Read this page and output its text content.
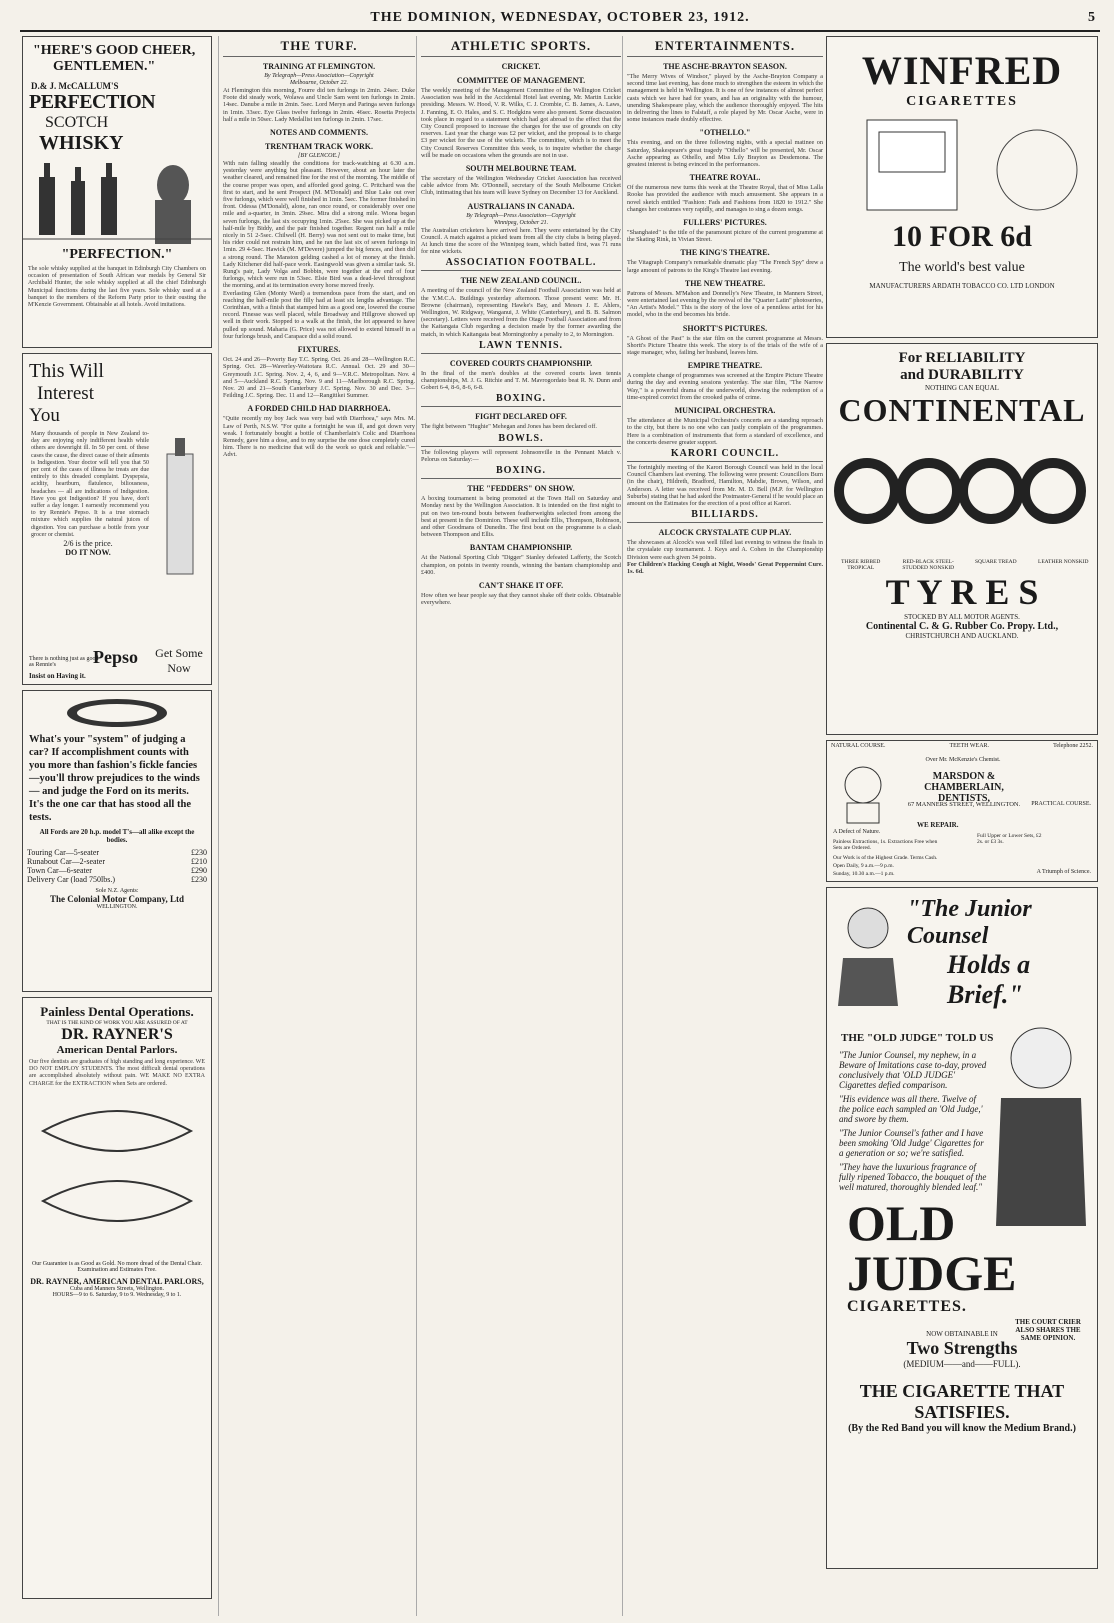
THE DOMINION, WEDNESDAY, OCTOBER 23, 1912.	5
"HERE'S GOOD CHEER,
GENTLEMEN."
D.& J. McCALLUM'S
PERFECTION
SCOTCH
WHISKY
"PERFECTION."

The sole whisky supplied at the banquet in Edinburgh City Chambers on occasion of presentation of South African war medals by General Sir Archibald Hunter, the sole whisky supplied at all the chief Edinburgh Municipal functions during the last five years. Sole whisky used at a banquet to the members of the Reform Party prior to their ousting the M'Kenzie Government. Obtainable at all hotels. Avoid imitations.

This Will
Interest
You

Many thousands of people in New Zealand to-day are enjoying only indifferent health while others are downright ill. In 50 per cent. of these cases the cause, the direct cause of their ailments is Indigestion. Your doctor will tell you that 50 per cent of the cases of illness he treats are due entirely to this dreaded complaint. Dyspepsia, acidity, heartburn, flatulence, biliousness, headaches — all are indications of Indigestion. Have you got Indigestion? If you have, don't suffer a day longer. I earnestly recommend you to try Rennie's Pepso. It is a true stomach mixture which supplies the natural juices of digestion. You can purchase a bottle from your grocer or chemist.

2/6 is the price.
DO IT NOW.
There is nothing just as good as Rennie's	Pepso
Insist on Having it.
Get Some Now

What's your "system" of judging a car? If accomplishment counts with you more than fashion's fickle fancies—you'll throw prejudices to the winds — and judge the Ford on its merits. It's the one car that has stood all the tests.

All Fords are 20 h.p. model T's—all alike except the bodies.
Touring Car—5-seater	£230
Runabout Car—2-seater	£210
Town Car—6-seater	£290
Delivery Car (load 750lbs.)	£230
Sole N.Z. Agents:
The Colonial Motor Company, Ltd
WELLINGTON.
Painless Dental Operations.
THAT IS THE KIND OF WORK YOU ARE ASSURED OF AT
DR. RAYNER'S
American Dental Parlors.

Our five dentists are graduates of high standing and long experience. WE DO NOT EMPLOY STUDENTS. The most difficult dental operations are accomplished absolutely without pain. WE MAKE NO EXTRA CHARGE for the EXTRACTION when Sets are ordered.

Our Guarantee is as Good as Gold. No more dread of the Dental Chair. Examination and Estimates Free.
DR. RAYNER, AMERICAN DENTAL PARLORS,
Cuba and Manners Streets, Wellington.
HOURS—9 to 6. Saturday, 9 to 9. Wednesday, 9 to 1.
THE TURF.
TRAINING AT FLEMINGTON.
By Telegraph—Press Association—Copyright
Melbourne, October 22.

At Flemington this morning, Fourre did ten furlongs in 2min. 24sec. Duke Foote did steady work, Wolawa and Uncle Sam went ten furlongs in 2min. 14sec. Danube a mile in 2min. 5sec. Lord Meryn and Paringa seven furlongs in 1min. 33sec. Eye Glass twelve furlongs in 2min. 46sec. Rosetta Projects half a mile in 50sec. Lady Medallist ten furlongs in 2min. 17sec.

NOTES AND COMMENTS.
TRENTHAM TRACK WORK.
[BY GLENCOE.]

With rain falling steadily the conditions for track-watching at 6.30 a.m. yesterday were anything but pleasant. However, about an hour later the weather cleared, and remained fine for the rest of the morning. The middle of the course proper was open, and afforded good going. C. Pritchard was the first to start, and he sent Prospect (M. M'Donald) and Blue Lake out over five furlongs, which were well finished in 1min. 5sec. The former finished in front. Odessa (M'Donald), alone, ran once round, or considerably over one mile and a-quarter, in 3min. 29sec. Mira did a strong mile. Wiona began seven furlongs, the last six occupying 1min. 25sec. She was picked up at the half-mile by Biddy, and the pair finished together. Regent ran half a mile nicely in 51 2-5sec. Chilwell (H. Berry) was not sent out to make time, but his rider could not restrain him, and he ran the last six of seven furlongs in 1min. 29 4-5sec. Hawick (M. M'Devere) jumped the big fences, and then did a strong round. The Manston gelding cashed a lot of money at the finish. Lady Kitchener did half-pace work. Easingwold was given a similar task. St. Rung's pair, Lady Volga and Bobbin, were together at the end of four furlongs, which were run in 53sec. Elsie Bird was a dead-level throughout the morning, and at its termination every horse moved freely.

Everlasting Glen (Monty Ward) a tremendous pace from the start, and on reaching the half-mile post the filly had at least six lengths advantage. The Corinthian, with a finish that stamped him as a good one, lowered the course record. Finesse was well placed, while Broadway and Hillgrove showed up well in their work. Stopped to a walk at the finish, the lot appeared to have pulled up sound. Maharia (G. Price) was not allowed to extend himself in a four furlongs brush, and Carapace did a solid round.

FIXTURES.

Oct. 24 and 26—Poverty Bay T.C. Spring. Oct. 26 and 28—Wellington R.C. Spring. Oct. 28—Waverley-Waitotara R.C. Annual. Oct. 29 and 30—Greymouth J.C. Spring. Nov. 2, 4, 6, and 9—V.R.C. Metropolitan. Nov. 4 and 5—Auckland R.C. Spring. Nov. 9 and 11—Marlborough R.C. Spring. Nov. 20 and 21—South Canterbury J.C. Spring. Nov. 30 and Dec. 3—Feilding J.C. Spring. Dec. 11 and 12—Rangitikei Summer.

A FORDED CHILD HAD DIARRHOEA.

"Quite recently my boy Jack was very bad with Diarrhoea," says Mrs. M. Law of Perth, N.S.W. "For quite a fortnight he was ill, and got down very weak. I fortunately bought a bottle of Chamberlain's Colic and Diarrhoea Remedy, gave him a dose, and to my surprise the one dose completely cured him. There is no medicine that will do the work so quick and reliable."—Advt.

ATHLETIC SPORTS.
CRICKET.
COMMITTEE OF MANAGEMENT.

The weekly meeting of the Management Committee of the Wellington Cricket Association was held in the Accidental Hotel last evening, Mr. Martin Luckie presiding. Messrs. W. Hood, V. R. Wilks, C. J. Crombie, C. B. James, A. Laws, J. Fanning, E. O. Hales, and S. C. Hodgkins were also present. Some discussion took place in regard to a statement which had got abroad to the effect that the City Council proposed to increase the charges for the use of grounds on city reserves. Last year the charge was £2 per wicket, and the proposal is to charge £3 per wicket for the use of the wickets. The committee, which is to meet the City Council Reserves Committee this week, is to inquire whether the charge will be made on occasions when the grounds are not in use.

SOUTH MELBOURNE TEAM.

The secretary of the Wellington Wednesday Cricket Association has received cable advice from Mr. O'Donnell, secretary of the South Melbourne Cricket Club, intimating that his team will leave Sydney on December 13 for Auckland.

AUSTRALIANS IN CANADA.
By Telegraph—Press Association—Copyright
Winnipeg, October 21.

The Australian cricketers have arrived here. They were entertained by the City Council. A match against a picked team from all the city clubs is being played. At lunch time the score of the Winnipeg team, which batted first, was 71 runs for nine wickets.

ASSOCIATION FOOTBALL.
THE NEW ZEALAND COUNCIL.

A meeting of the council of the New Zealand Football Association was held at the Y.M.C.A. Buildings yesterday afternoon. Those present were: Mr. H. Browne (chairman), representing Hawke's Bay, and Messrs J. E. Ahlers, Wellington, W. Ridgway, Wanganui, J. White (Canterbury), and B. B. Salmon (secretary). Letters were received from the Otago Football Association and from the Kaitangata Club regarding a decision made by the former awarding the match, in which Kaitangata beat Morningtonby a penalty to 2, to Mornington.

LAWN TENNIS.
COVERED COURTS CHAMPIONSHIP.

In the final of the men's doubles at the covered courts lawn tennis championships, M. J. G. Ritchie and T. M. Mavrogordato beat R. N. Dunn and Gobert 6-4, 8-6, 8-6, 6-8.

BOXING.
FIGHT DECLARED OFF.

The fight between "Hughie" Mehegan and Jones has been declared off.

BOWLS.

The following players will represent Johnsonville in the Pennant Match v. Pelorus on Saturday:—

BOXING.
THE "FEDDERS" ON SHOW.

A boxing tournament is being promoted at the Town Hall on Saturday and Monday next by the Wellington Association. It is intended on the first night to put on two ten-round bouts between featherweights selected from among the best at present in the Dominion. These will include Ellis, Thompson, Robinson, and other Goodmans of Dunedin. The first bout on the programme is a clash between Thompson and Ellis.

BANTAM CHAMPIONSHIP.

At the National Sporting Club "Digger" Stanley defeated Lafferty, the Scotch champion, on points in twenty rounds, winning the bantam championship and £400.

CAN'T SHAKE IT OFF.

How often we hear people say that they cannot shake off their colds. Obtainable everywhere.

ENTERTAINMENTS.
THE ASCHE-BRAYTON SEASON.

"The Merry Wives of Windsor," played by the Asche-Brayton Company a second time last evening, has done much to strengthen the esteem in which the management is held in Wellington. It is one of few instances of almost perfect casts which we have had for years, and has an originality with the humour, unending Shakespeare play, which the audience thoroughly enjoyed. The hits in delivering the lines to Falstaff, a role played by Mr. Oscar Asche, were in some instances made doubly effective.

"OTHELLO."

This evening, and on the three following nights, with a special matinee on Saturday, Shakespeare's great tragedy "Othello" will be presented, Mr. Oscar Asche appearing as Othello, and Miss Lily Brayton as Desdemona. The greatest interest is being evinced in the performances.

THEATRE ROYAL.

Of the numerous new turns this week at the Theatre Royal, that of Miss Lalla Rooke has provided the audience with much amusement. She appears in a novel sketch entitled "Fashion: Fads and Fashions from 1820 to 1912." She changes her costumes very rapidly, and manages to sing a dozen songs.

FULLERS' PICTURES.

"Shanghaied" is the title of the paramount picture of the current programme at the Skating Rink, in Vivian Street.

THE KING'S THEATRE.

The Vitagraph Company's remarkable dramatic play "The French Spy" drew a large amount of patrons to the King's Theatre last evening.

THE NEW THEATRE.

Patrons of Messrs. M'Mahon and Donnelly's New Theatre, in Manners Street, were entertained last evening by the revival of the "Quarter Latin" photoseries, "An Artist's Model." This is the story of the love of a penniless artist for his model, who in the end becomes his bride.

SHORTT'S PICTURES.

"A Ghost of the Past" is the star film on the current programme at Messrs. Shortt's Picture Theatre this week. The story is of the trials of the wife of a stage manager, who, failing her husband, leaves him.

EMPIRE THEATRE.

A complete change of programmes was screened at the Empire Picture Theatre during the day and evening sessions yesterday. The star film, "The Narrow Way," is a powerful drama of the underworld, showing the redemption of a time-expired convict from the crooked paths of crime.

MUNICIPAL ORCHESTRA.

The attendance at the Municipal Orchestra's concerts are a standing reproach to the city, but there is no one who can justly complain of the programmes. Here is a combination of instruments that form a standard of excellence, and the concerts deserve greater support.

KARORI COUNCIL.

The fortnightly meeting of the Karori Borough Council was held in the local Council Chambers last evening. The following were present: Councillors Burn (in the chair), Hildreth, Bradford, Hamilton, Mabdie, Brown, Wilson, and Anderson. A letter was received from Mr. M. D. Bell (M.P. for Wellington Suburbs) stating that he had asked the Postmaster-General if he would place an amount on the Estimates for the erection of a post office at Karori.

BILLIARDS.
ALCOCK CRYSTALATE CUP PLAY.

The showcases at Alcock's was well filled last evening to witness the finals in the crystalate cup tournament. J. Keys and A. Cohen in the Championship Division were each given 34 points.

For Children's Hacking Cough at Night, Woods' Great Peppermint Cure. 1s. 6d.

WINFRED
CIGARETTES
10 FOR 6d
The world's best value
MANUFACTURERS ARDATH TOBACCO CO. LTD LONDON
For RELIABILITY
and DURABILITY
NOTHING CAN EQUAL
CONTINENTAL
THREE RIBBED TROPICAL
RED-BLACK STEEL-STUDDED NONSKID
SQUARE TREAD	LEATHER NONSKID
T Y R E S
STOCKED BY ALL MOTOR AGENTS.
Continental C. & G. Rubber Co. Propy. Ltd.,
CHRISTCHURCH AND AUCKLAND.
NATURAL COURSE.	TEETH WEAR.	Telephone 2252.
Over Mr. McKenzie's Chemist.
MARSDON & CHAMBERLAIN, DENTISTS,
67 MANNERS STREET, WELLINGTON.	PRACTICAL COURSE.
A Defect of Nature.
WE REPAIR.
Painless Extractions, 1s. Extractions Free when Sets are Ordered.
Full Upper or Lower Sets, £2 2s. or £3 3s.
Our Work is of the Highest Grade. Terms Cash.
Open Daily, 9 a.m.—9 p.m.
Sunday, 10.30 a.m.—1 p.m.	A Triumph of Science.
"The Junior Counsel
Holds a Brief."
THE "OLD JUDGE" TOLD US

"The Junior Counsel, my nephew, in a Beware of Imitations case to-day, proved conclusively that 'OLD JUDGE' Cigarettes defied comparison.

"His evidence was all there. Twelve of the police each sampled an 'Old Judge,' and swore by them.

"The Junior Counsel's father and I have been smoking 'Old Judge' Cigarettes for a generation or so; we're satisfied.

"They have the luxurious fragrance of fully ripened Tobacco, the bouquet of the well matured, thoroughly blended leaf."

OLD
JUDGE
CIGARETTES.
THE COURT CRIER ALSO SHARES THE SAME OPINION.
NOW OBTAINABLE IN
Two Strengths
(MEDIUM——and——FULL).
THE CIGARETTE THAT SATISFIES.
(By the Red Band you will know the Medium Brand.)
